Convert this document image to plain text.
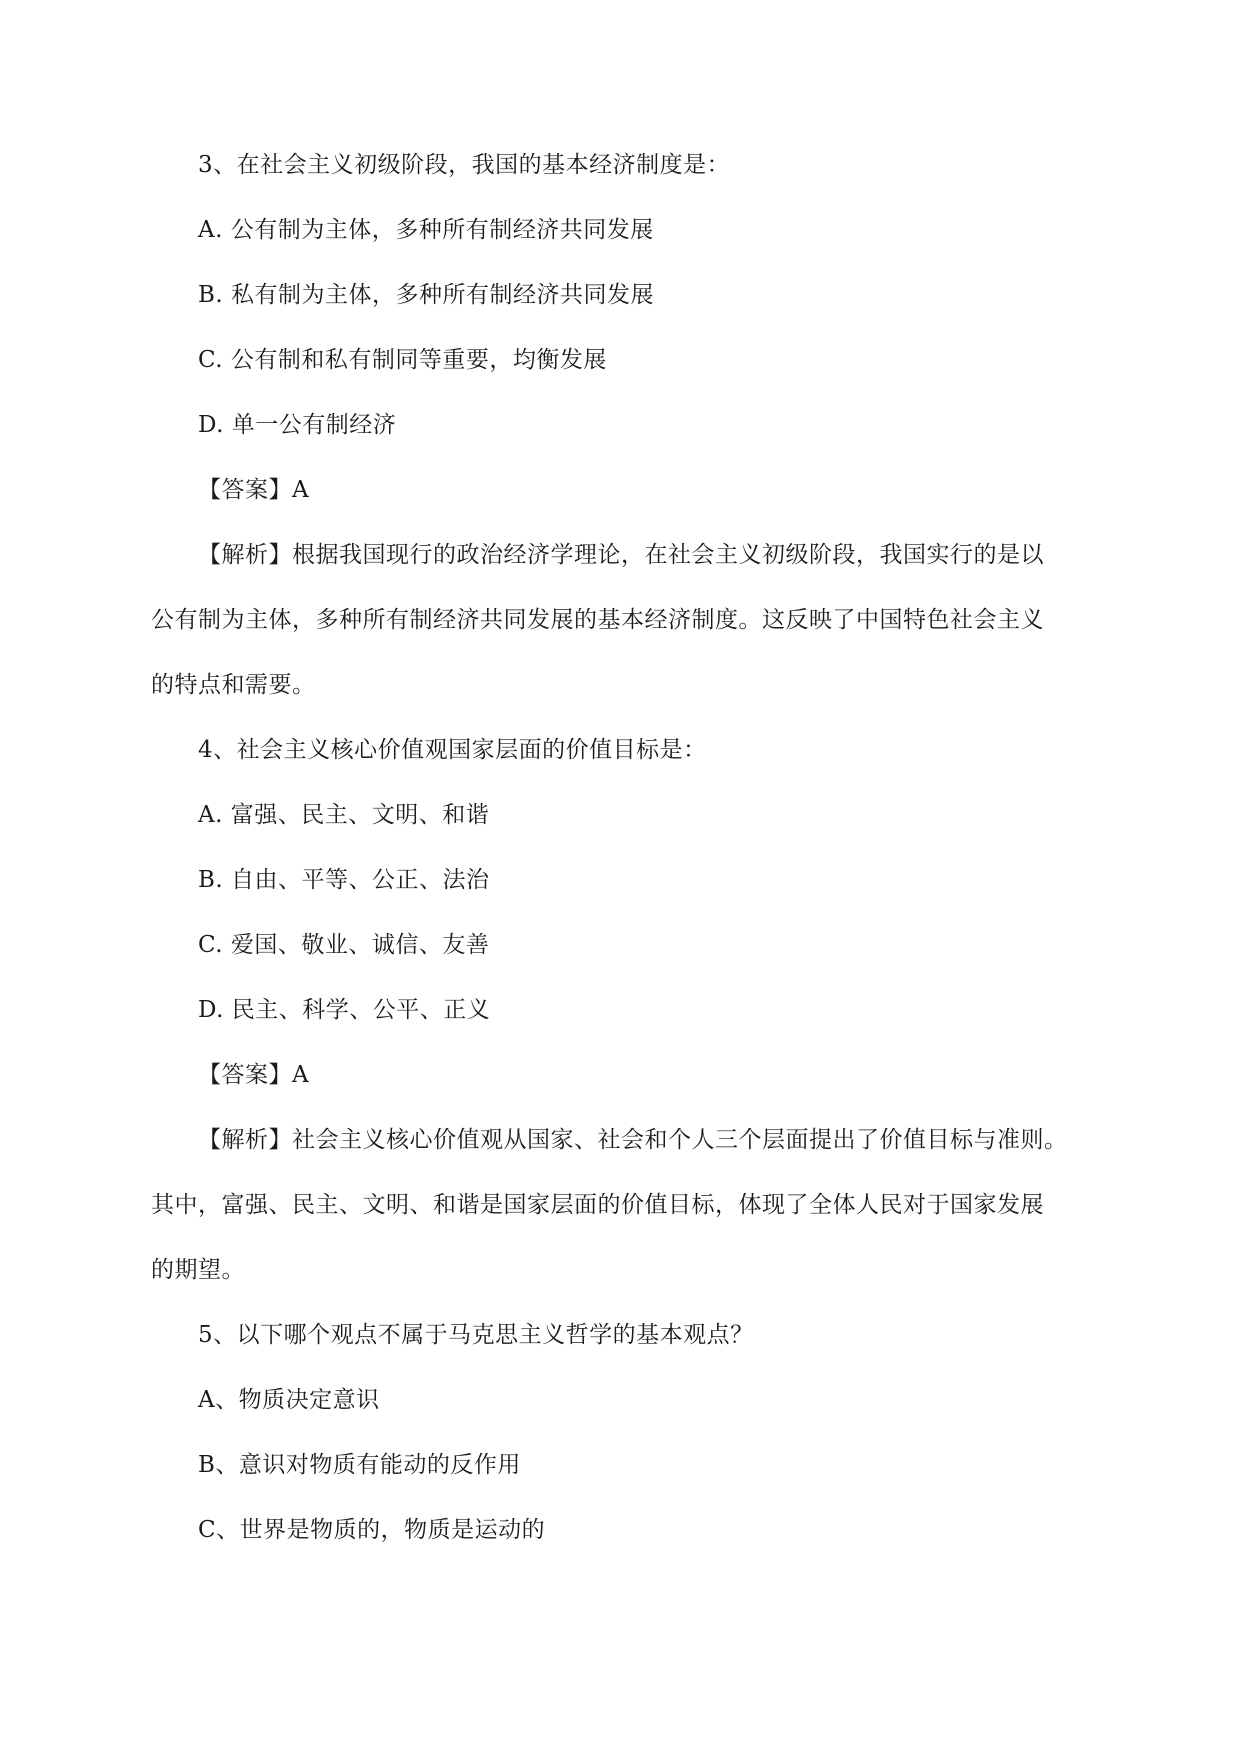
3、在社会主义初级阶段，我国的基本经济制度是：
A. 公有制为主体，多种所有制经济共同发展
B. 私有制为主体，多种所有制经济共同发展
C. 公有制和私有制同等重要，均衡发展
D. 单一公有制经济
【答案】A
【解析】根据我国现行的政治经济学理论，在社会主义初级阶段，我国实行的是以
公有制为主体，多种所有制经济共同发展的基本经济制度。这反映了中国特色社会主义
的特点和需要。
4、社会主义核心价值观国家层面的价值目标是：
A. 富强、民主、文明、和谐
B. 自由、平等、公正、法治
C. 爱国、敬业、诚信、友善
D. 民主、科学、公平、正义
【答案】A
【解析】社会主义核心价值观从国家、社会和个人三个层面提出了价值目标与准则。
其中，富强、民主、文明、和谐是国家层面的价值目标，体现了全体人民对于国家发展
的期望。
5、以下哪个观点不属于马克思主义哲学的基本观点？
A、物质决定意识
B、意识对物质有能动的反作用
C、世界是物质的，物质是运动的
